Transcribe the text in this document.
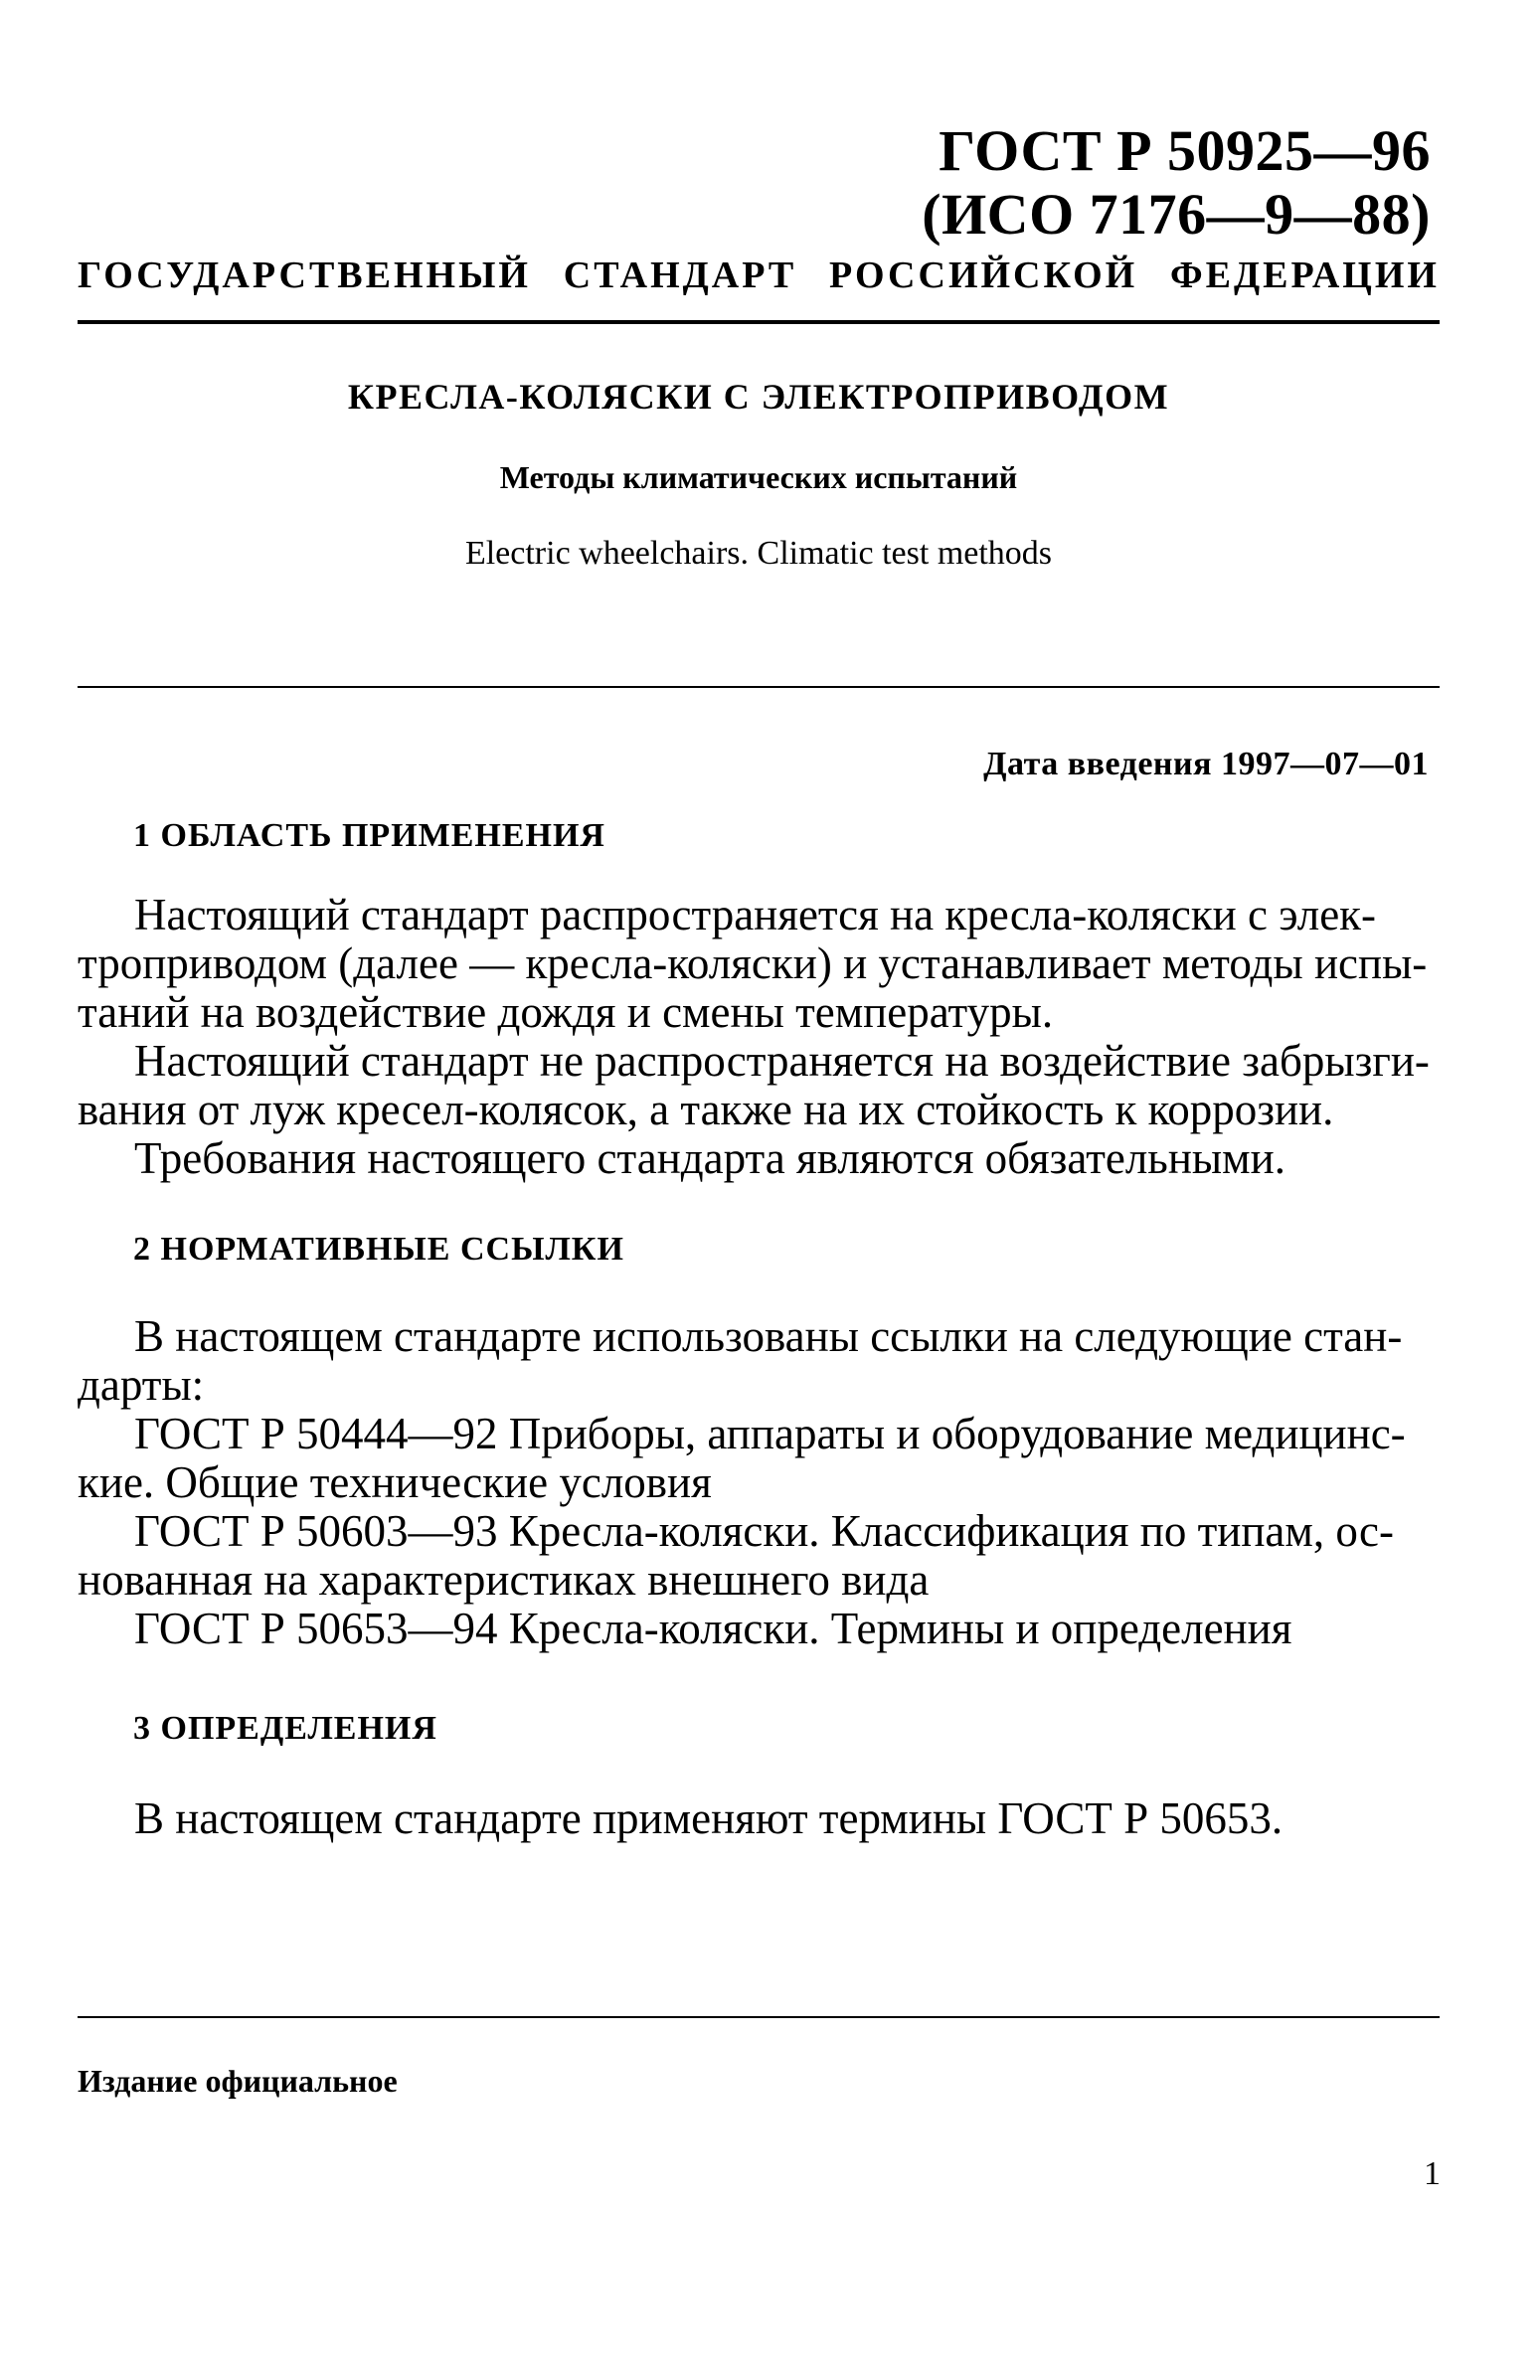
ГОСТ Р 50925—96
(ИСО 7176—9—88)
ГОСУДАРСТВЕННЫЙ СТАНДАРТ РОССИЙСКОЙ ФЕДЕРАЦИИ
КРЕСЛА-КОЛЯСКИ С ЭЛЕКТРОПРИВОДОМ
Методы климатических испытаний
Electric wheelchairs. Climatic test methods
Дата введения 1997—07—01
1 ОБЛАСТЬ ПРИМЕНЕНИЯ
Настоящий стандарт распространяется на кресла-коляски с элек-
троприводом (далее — кресла-коляски) и устанавливает методы испы-
таний на воздействие дождя и смены температуры.
Настоящий стандарт не распространяется на воздействие забрызги-
вания от луж кресел-колясок, а также на их стойкость к коррозии.
Требования настоящего стандарта являются обязательными.
2 НОРМАТИВНЫЕ ССЫЛКИ
В настоящем стандарте использованы ссылки на следующие стан-
дарты:
ГОСТ Р 50444—92 Приборы, аппараты и оборудование медицинс-
кие. Общие технические условия
ГОСТ Р 50603—93 Кресла-коляски. Классификация по типам, ос-
нованная на характеристиках внешнего вида
ГОСТ Р 50653—94 Кресла-коляски. Термины и определения
3 ОПРЕДЕЛЕНИЯ
В настоящем стандарте применяют термины ГОСТ Р 50653.
Издание официальное
1
